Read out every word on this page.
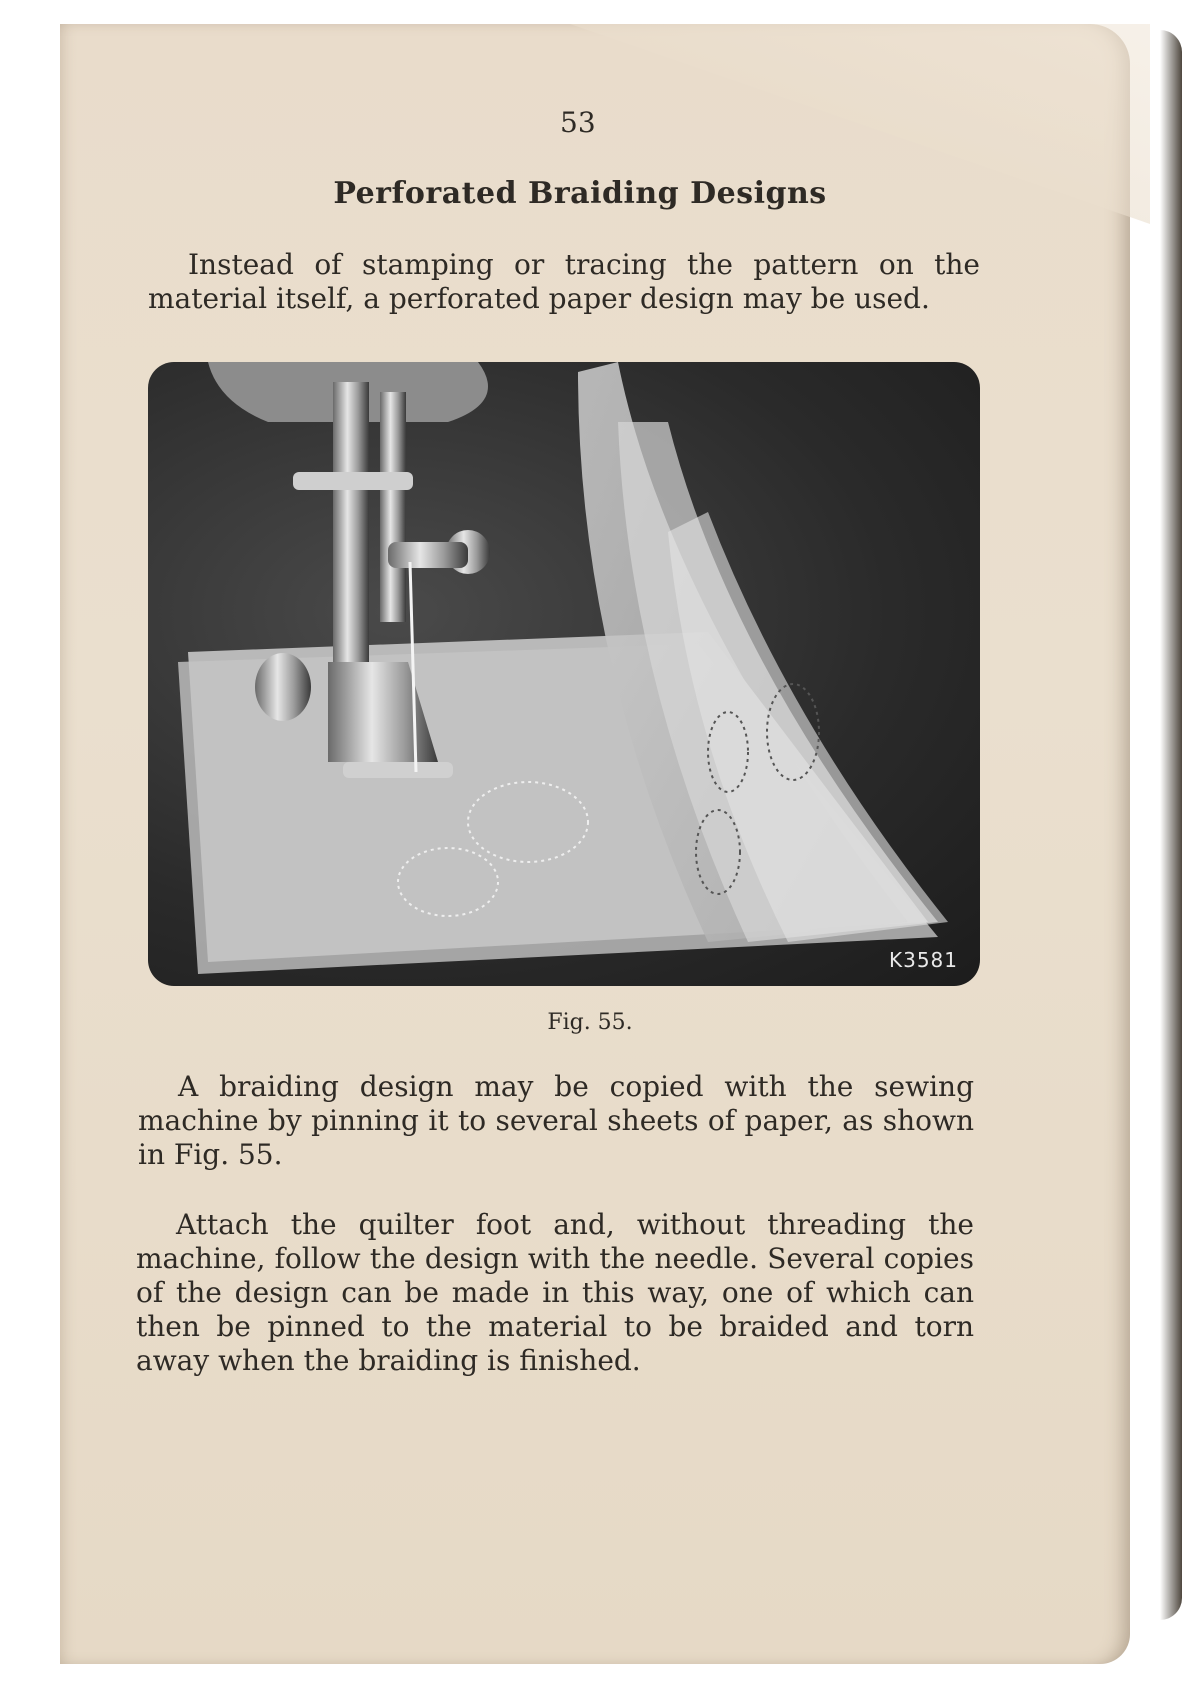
53
Perforated Braiding Designs
Instead of stamping or tracing the pattern on the material itself, a perforated paper design may be used.
K3581
Fig. 55.
A braiding design may be copied with the sewing machine by pinning it to several sheets of paper, as shown in Fig. 55.
Attach the quilter foot and, without threading the machine, follow the design with the needle. Several copies of the design can be made in this way, one of which can then be pinned to the material to be braided and torn away when the braiding is finished.
